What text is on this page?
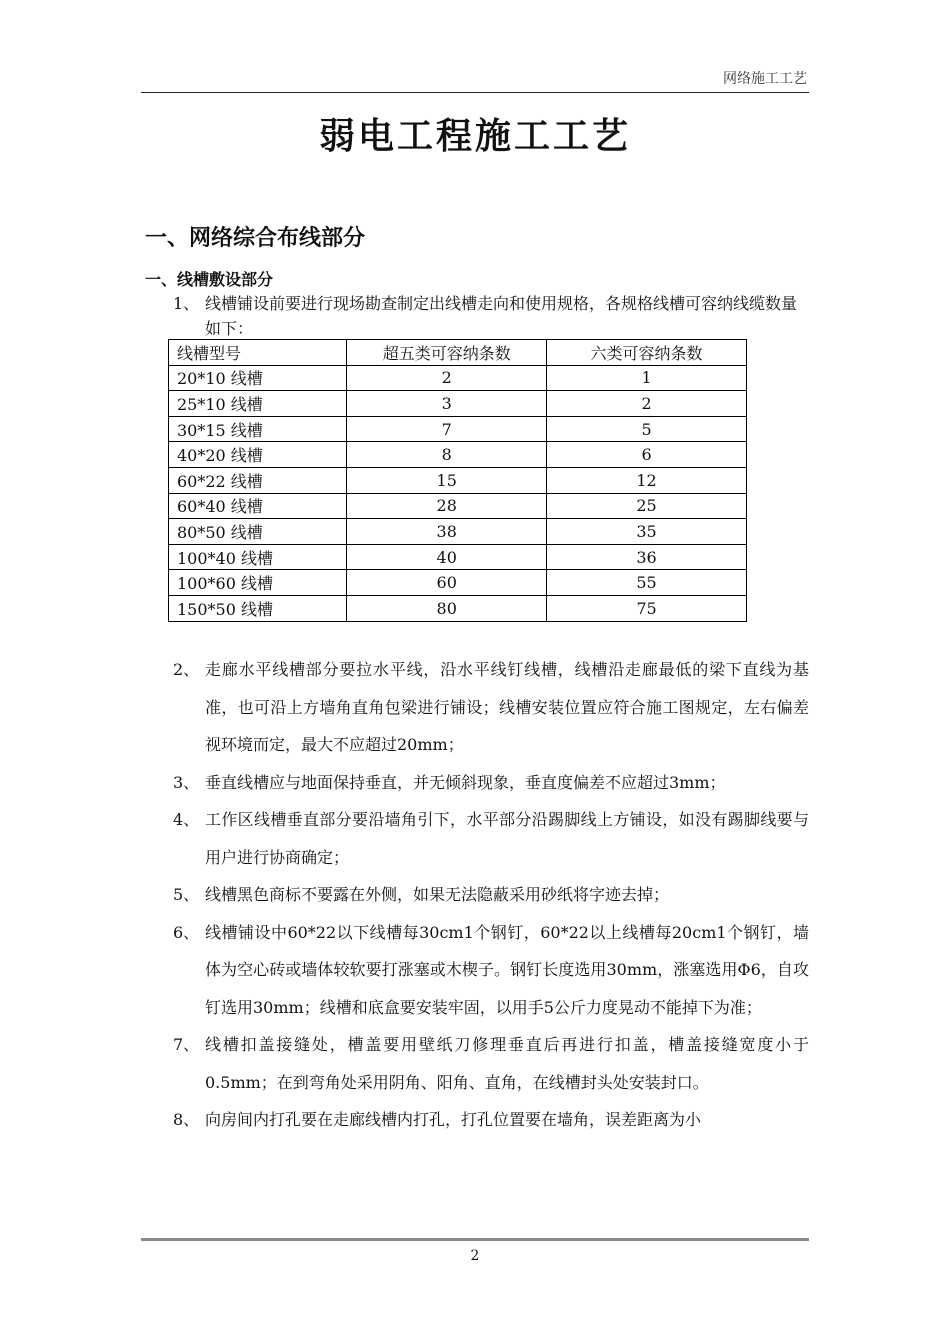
网络施工工艺
弱电工程施工工艺
一、网络综合布线部分
一、线槽敷设部分

1、 线槽铺设前要进行现场勘查制定出线槽走向和使用规格，各规格线槽可容纳线缆数量如下：

线槽型号	超五类可容纳条数	六类可容纳条数
20*10 线槽	2	1
25*10 线槽	3	2
30*15 线槽	7	5
40*20 线槽	8	6
60*22 线槽	15	12
60*40 线槽	28	25
80*50 线槽	38	35
100*40 线槽	40	36
100*60 线槽	60	55
150*50 线槽	80	75
2、 走廊水平线槽部分要拉水平线，沿水平线钉线槽，线槽沿走廊最低的梁下直线为基准，也可沿上方墙角直角包梁进行铺设；线槽安装位置应符合施工图规定，左右偏差视环境而定，最大不应超过20mm；
3、 垂直线槽应与地面保持垂直，并无倾斜现象，垂直度偏差不应超过3mm；
4、 工作区线槽垂直部分要沿墙角引下，水平部分沿踢脚线上方铺设，如没有踢脚线要与用户进行协商确定；
5、 线槽黑色商标不要露在外侧，如果无法隐蔽采用砂纸将字迹去掉；
6、 线槽铺设中60*22以下线槽每30cm1个钢钉，60*22以上线槽每20cm1个钢钉，墙体为空心砖或墙体较软要打涨塞或木楔子。钢钉长度选用30mm，涨塞选用Φ6，自攻钉选用30mm；线槽和底盒要安装牢固，以用手5公斤力度晃动不能掉下为准；
7、 线槽扣盖接缝处，槽盖要用壁纸刀修理垂直后再进行扣盖，槽盖接缝宽度小于0.5mm；在到弯角处采用阴角、阳角、直角，在线槽封头处安装封口。
8、 向房间内打孔要在走廊线槽内打孔，打孔位置要在墙角，误差距离为小
2
